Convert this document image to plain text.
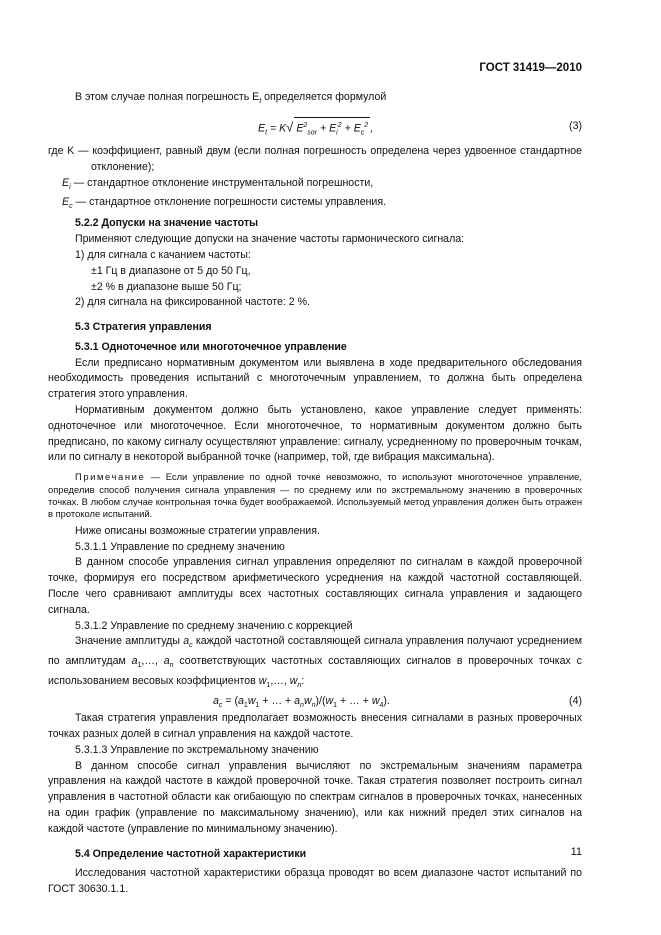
ГОСТ 31419—2010

В этом случае полная погрешность $E_t$ определяется формулой

$E_t = K√$ $E^2_{sor} + E_i^2 + E_c^2$ ,	(3)

где K — коэффициент, равный двум (если полная погрешность определена через удвоенное стандартное отклонение);

$E_i$ — стандартное отклонение инструментальной погрешности,

$E_c$ — стандартное отклонение погрешности системы управления.

5.2.2 Допуски на значение частоты

Применяют следующие допуски на значение частоты гармонического сигнала:

1) для сигнала с качанием частоты:

±1 Гц в диапазоне от 5 до 50 Гц,

±2 % в диапазоне выше 50 Гц;

2) для сигнала на фиксированной частоте: 2 %.

5.3 Стратегия управления

5.3.1 Одноточечное или многоточечное управление

Если предписано нормативным документом или выявлена в ходе предварительного обследования необходимость проведения испытаний с многоточечным управлением, то должна быть определена стратегия этого управления.

Нормативным документом должно быть установлено, какое управление следует применять: одноточечное или многоточечное. Если многоточечное, то нормативным документом должно быть предписано, по какому сигналу осуществляют управление: сигналу, усредненному по проверочным точкам, или по сигналу в некоторой выбранной точке (например, той, где вибрация максимальна).

Примечание — Если управление по одной точке невозможно, то используют многоточечное управление, определив способ получения сигнала управления — по среднему или по экстремальному значению в проверочных точках. В любом случае контрольная точка будет воображаемой. Используемый метод управления должен быть отражен в протоколе испытаний.

Ниже описаны возможные стратегии управления.

5.3.1.1 Управление по среднему значению

В данном способе управления сигнал управления определяют по сигналам в каждой проверочной точке, формируя его посредством арифметического усреднения на каждой частотной составляющей. После чего сравнивают амплитуды всех частотных составляющих сигнала управления и задающего сигнала.

5.3.1.2 Управление по среднему значению с коррекцией

Значение амплитуды $a_c$ каждой частотной составляющей сигнала управления получают усреднением по амплитудам $a_1,\dots$, $a_n$ соответствующих частотных составляющих сигналов в проверочных точках с использованием весовых коэффициентов $w_1,\dots$, $w_n$:

$a_c = (a_1w_1$ + … + $a_nw_n)/(w_1$ + … + $w_4$).	(4)

Такая стратегия управления предполагает возможность внесения сигналами в разных проверочных точках разных долей в сигнал управления на каждой частоте.

5.3.1.3 Управление по экстремальному значению

В данном способе сигнал управления вычисляют по экстремальным значениям параметра управления на каждой частоте в каждой проверочной точке. Такая стратегия позволяет построить сигнал управления в частотной области как огибающую по спектрам сигналов в проверочных точках, нанесенных на один график (управление по максимальному значению), или как нижний предел этих сигналов на каждой частоте (управление по минимальному значению).

5.4 Определение частотной характеристики

Исследования частотной характеристики образца проводят во всем диапазоне частот испытаний по ГОСТ 30630.1.1.

11
